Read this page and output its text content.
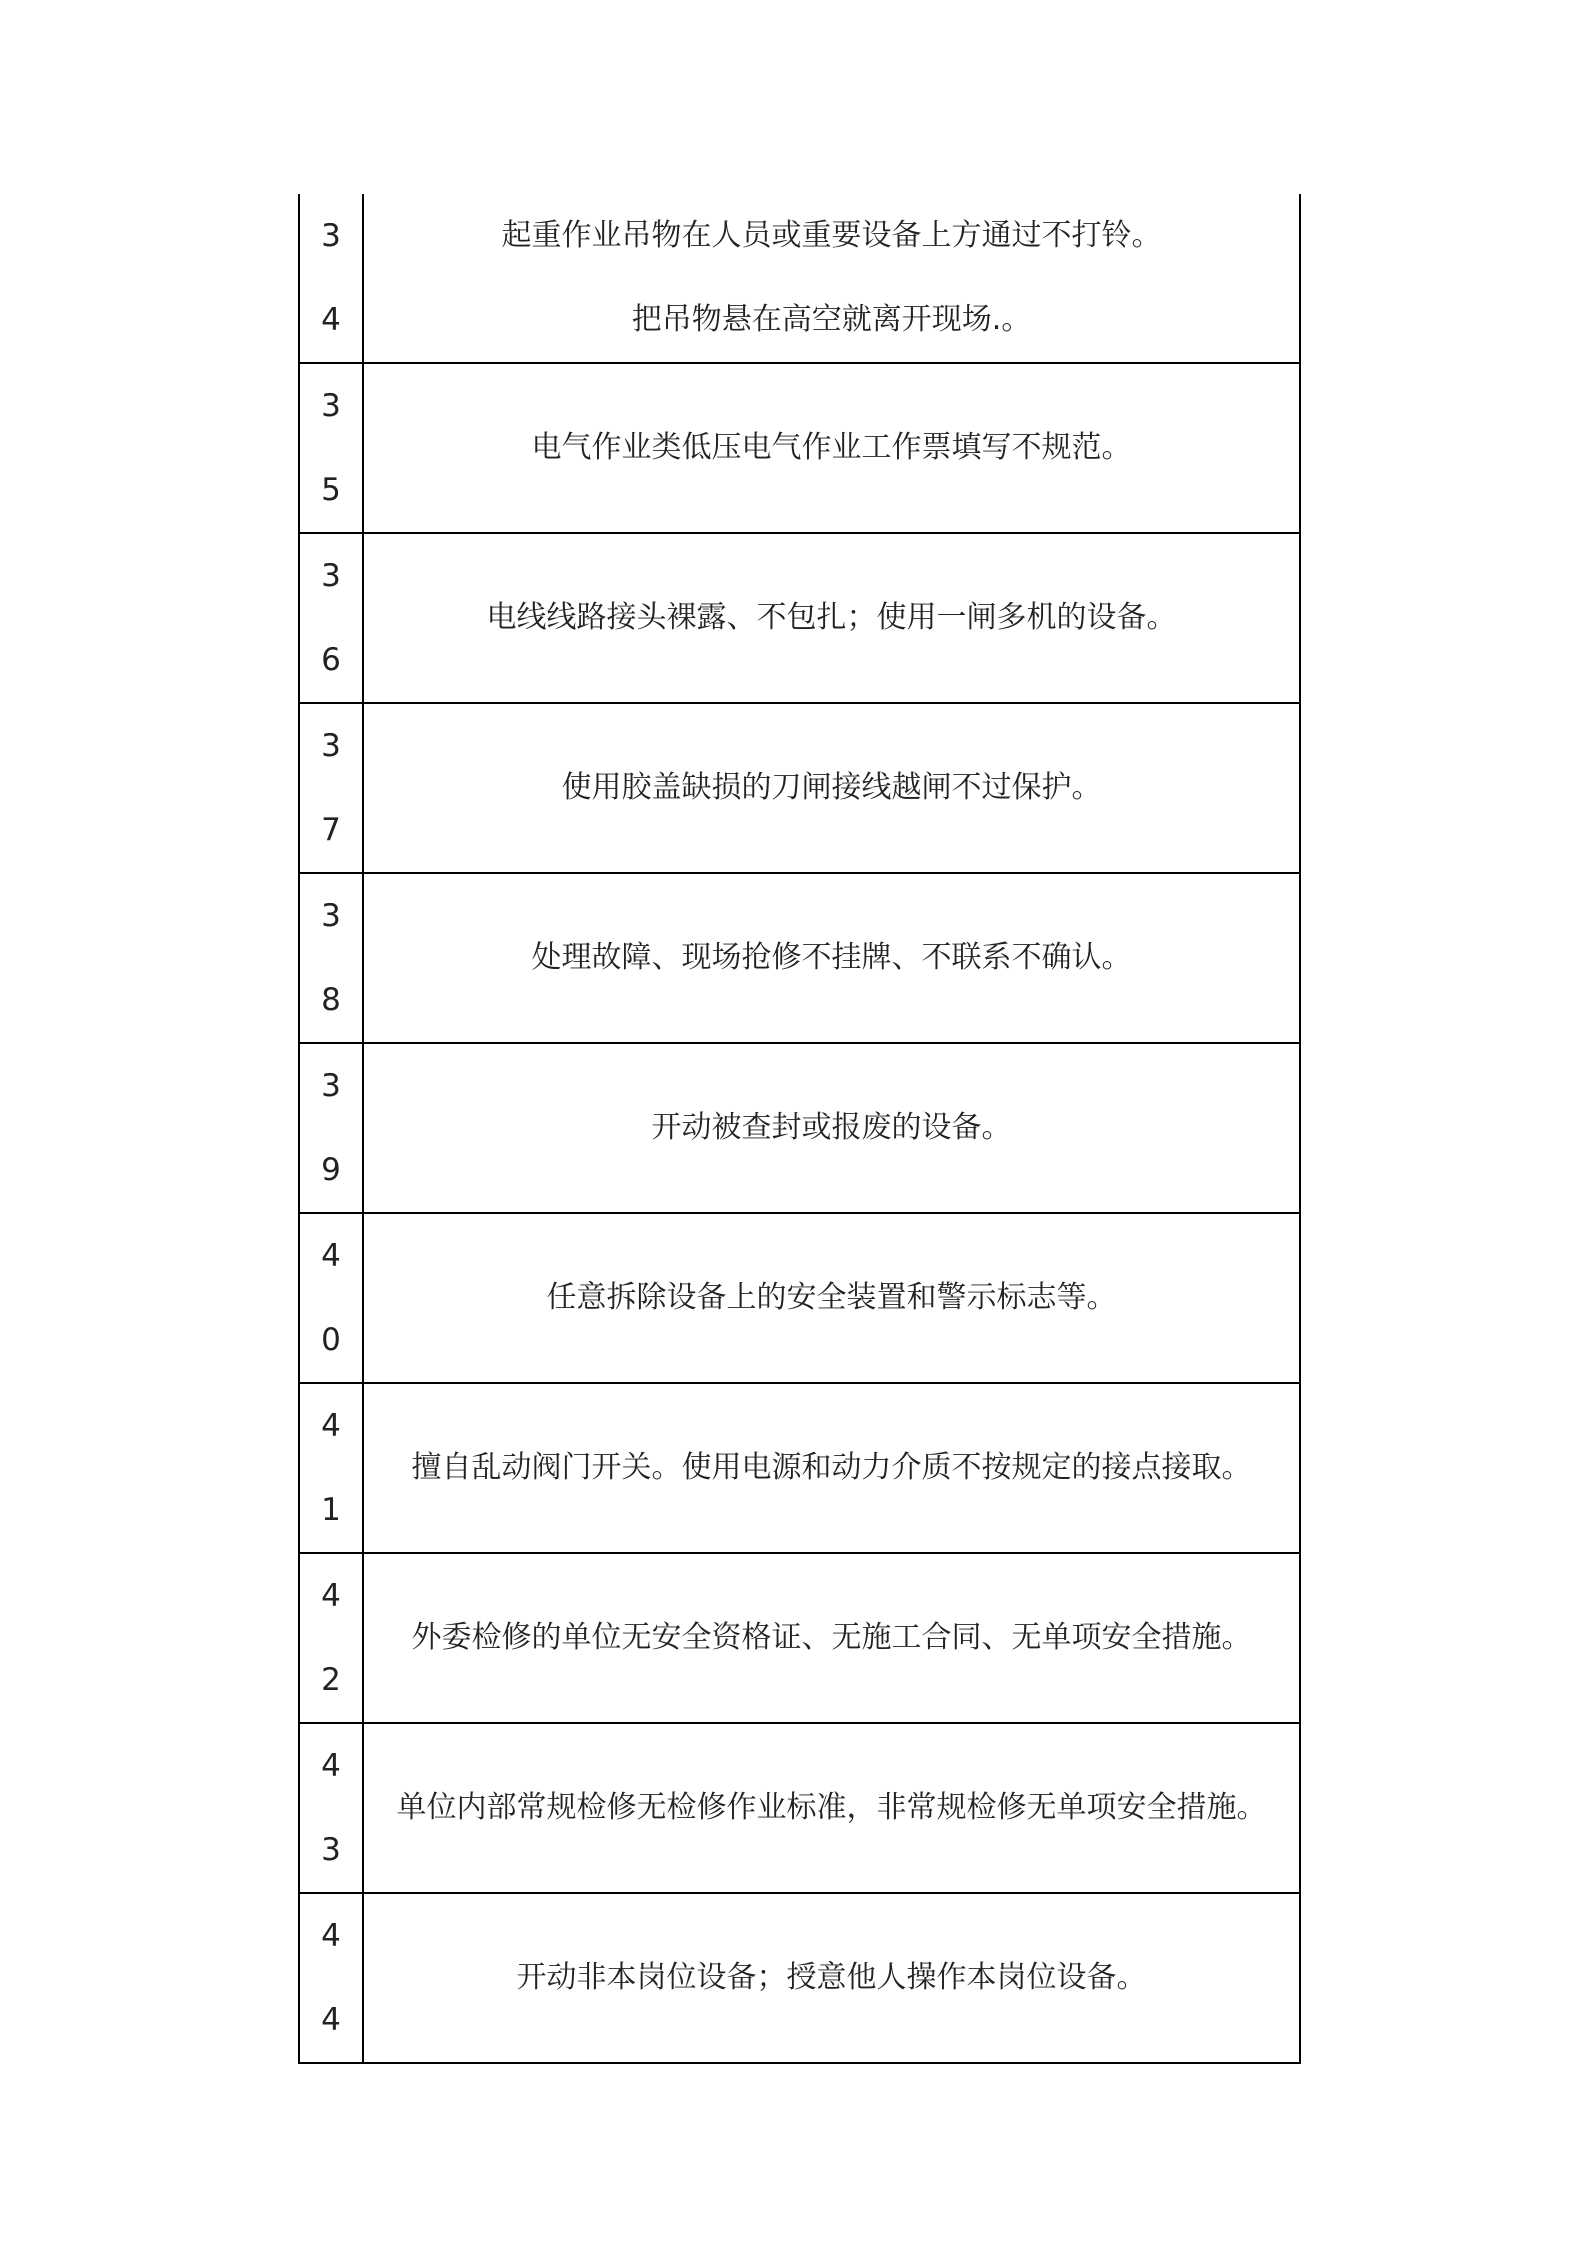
3
4	起重作业吊物在人员或重要设备上方通过不打铃。
把吊物悬在高空就离开现场.。

3
5	电气作业类低压电气作业工作票填写不规范。

3
6	电线线路接头裸露、不包扎；使用一闸多机的设备。

3
7	使用胶盖缺损的刀闸接线越闸不过保护。

3
8	处理故障、现场抢修不挂牌、不联系不确认。

3
9	开动被查封或报废的设备。

4
0	任意拆除设备上的安全装置和警示标志等。

4
1	擅自乱动阀门开关。使用电源和动力介质不按规定的接点接取。

4
2	外委检修的单位无安全资格证、无施工合同、无单项安全措施。

4
3	单位内部常规检修无检修作业标准，非常规检修无单项安全措施。

4
4	开动非本岗位设备；授意他人操作本岗位设备。
